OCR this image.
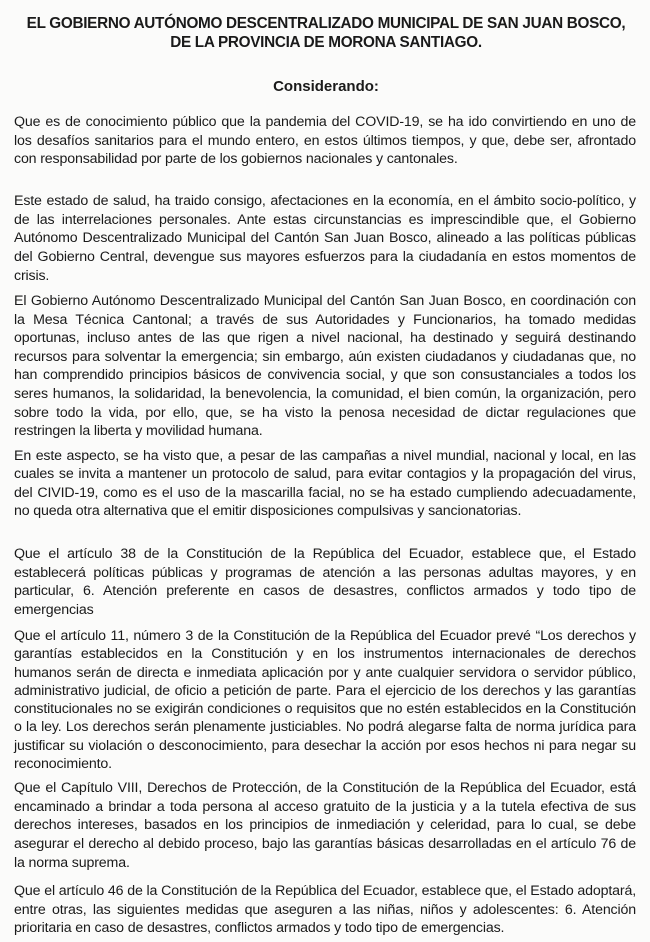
EL GOBIERNO AUTÓNOMO DESCENTRALIZADO MUNICIPAL DE SAN JUAN BOSCO, DE LA PROVINCIA DE MORONA SANTIAGO.
Considerando:
Que es de conocimiento público que la pandemia del COVID-19, se ha ido convirtiendo en uno de los desafíos sanitarios para el mundo entero, en estos últimos tiempos, y que, debe ser, afrontado con responsabilidad por parte de los gobiernos nacionales y cantonales.
Este estado de salud, ha traido consigo, afectaciones en la economía, en el ámbito socio-político, y de las interrelaciones personales. Ante estas circunstancias es imprescindible que, el Gobierno Autónomo Descentralizado Municipal del Cantón San Juan Bosco, alineado a las políticas públicas del Gobierno Central, devengue sus mayores esfuerzos para la ciudadanía en estos momentos de crisis.
El Gobierno Autónomo Descentralizado Municipal del Cantón San Juan Bosco, en coordinación con la Mesa Técnica Cantonal; a través de sus Autoridades y Funcionarios, ha tomado medidas oportunas, incluso antes de las que rigen a nivel nacional, ha destinado y seguirá destinando recursos para solventar la emergencia; sin embargo, aún existen ciudadanos y ciudadanas que, no han comprendido principios básicos de convivencia social, y que son consustanciales a todos los seres humanos, la solidaridad, la benevolencia, la comunidad, el bien común, la organización, pero sobre todo la vida, por ello, que, se ha visto la penosa necesidad de dictar regulaciones que restringen la liberta y movilidad humana.
En este aspecto, se ha visto que, a pesar de las campañas a nivel mundial, nacional y local, en las cuales se invita a mantener un protocolo de salud, para evitar contagios y la propagación del virus, del CIVID-19, como es el uso de la mascarilla facial, no se ha estado cumpliendo adecuadamente, no queda otra alternativa que el emitir disposiciones compulsivas y sancionatorias.
Que el artículo 38 de la Constitución de la República del Ecuador, establece que, el Estado establecerá políticas públicas y programas de atención a las personas adultas mayores, y en particular, 6. Atención preferente en casos de desastres, conflictos armados y todo tipo de emergencias
Que el artículo 11, número 3 de la Constitución de la República del Ecuador prevé “Los derechos y garantías establecidos en la Constitución y en los instrumentos internacionales de derechos humanos serán de directa e inmediata aplicación por y ante cualquier servidora o servidor público, administrativo judicial, de oficio a petición de parte. Para el ejercicio de los derechos y las garantías constitucionales no se exigirán condiciones o requisitos que no estén establecidos en la Constitución o la ley. Los derechos serán plenamente justiciables. No podrá alegarse falta de norma jurídica para justificar su violación o desconocimiento, para desechar la acción por esos hechos ni para negar su reconocimiento.
Que el Capítulo VIII, Derechos de Protección, de la Constitución de la República del Ecuador, está encaminado a brindar a toda persona al acceso gratuito de la justicia y a la tutela efectiva de sus derechos intereses, basados en los principios de inmediación y celeridad, para lo cual, se debe asegurar el derecho al debido proceso, bajo las garantías básicas desarrolladas en el artículo 76 de la norma suprema.
Que el artículo 46 de la Constitución de la República del Ecuador, establece que, el Estado adoptará, entre otras, las siguientes medidas que aseguren a las niñas, niños y adolescentes: 6. Atención prioritaria en caso de desastres, conflictos armados y todo tipo de emergencias.
